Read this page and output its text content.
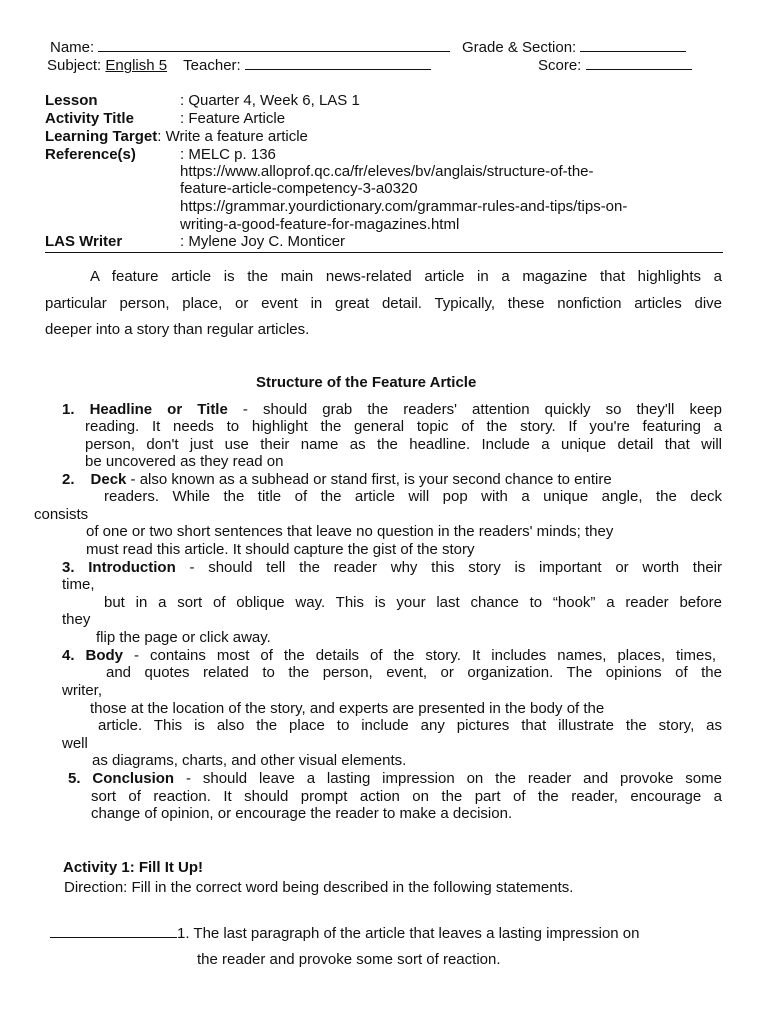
Name:	Grade & Section:
Subject: English 5 Teacher:	Score:
Lesson	: Quarter 4, Week 6, LAS 1
Activity Title	: Feature Article
Learning Target: Write a feature article
Reference(s)	: MELC p. 136
https://www.alloprof.qc.ca/fr/eleves/bv/anglais/structure-of-the-
feature-article-competency-3-a0320
https://grammar.yourdictionary.com/grammar-rules-and-tips/tips-on-
writing-a-good-feature-for-magazines.html
LAS Writer	: Mylene Joy C. Monticer
A feature article is the main news-related article in a magazine that highlights a
particular person, place, or event in great detail. Typically, these nonfiction articles dive
deeper into a story than regular articles.
Structure of the Feature Article
1. Headline or Title - should grab the readers' attention quickly so they'll keep
reading. It needs to highlight the general topic of the story. If you're featuring a
person, don't just use their name as the headline. Include a unique detail that will
be uncovered as they read on
2. Deck - also known as a subhead or stand first, is your second chance to entire
readers. While the title of the article will pop with a unique angle, the deck
consists
of one or two short sentences that leave no question in the readers' minds; they
must read this article. It should capture the gist of the story
3. Introduction - should tell the reader why this story is important or worth their
time,
but in a sort of oblique way. This is your last chance to “hook” a reader before
they
flip the page or click away.
4. Body - contains most of the details of the story. It includes names, places, times,
and quotes related to the person, event, or organization. The opinions of the
writer,
those at the location of the story, and experts are presented in the body of the
article. This is also the place to include any pictures that illustrate the story, as
well
as diagrams, charts, and other visual elements.
5. Conclusion - should leave a lasting impression on the reader and provoke some
sort of reaction. It should prompt action on the part of the reader, encourage a
change of opinion, or encourage the reader to make a decision.
Activity 1: Fill It Up!
Direction: Fill in the correct word being described in the following statements.
1. The last paragraph of the article that leaves a lasting impression on
the reader and provoke some sort of reaction.
